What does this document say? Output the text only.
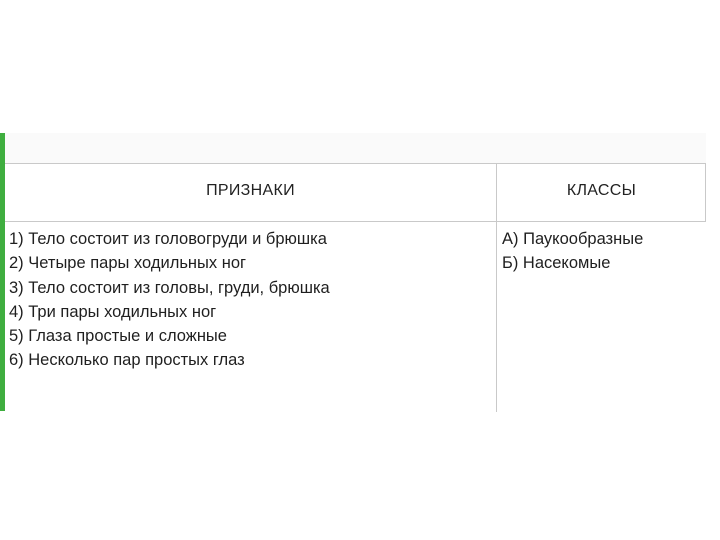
ПРИЗНАКИ	КЛАССЫ
1) Тело состоит из головогруди и брюшка
2) Четыре пары ходильных ног
3) Тело состоит из головы, груди, брюшка
4) Три пары ходильных ног
5) Глаза простые и сложные
6) Несколько пар простых глаз
А) Паукообразные
Б) Насекомые
